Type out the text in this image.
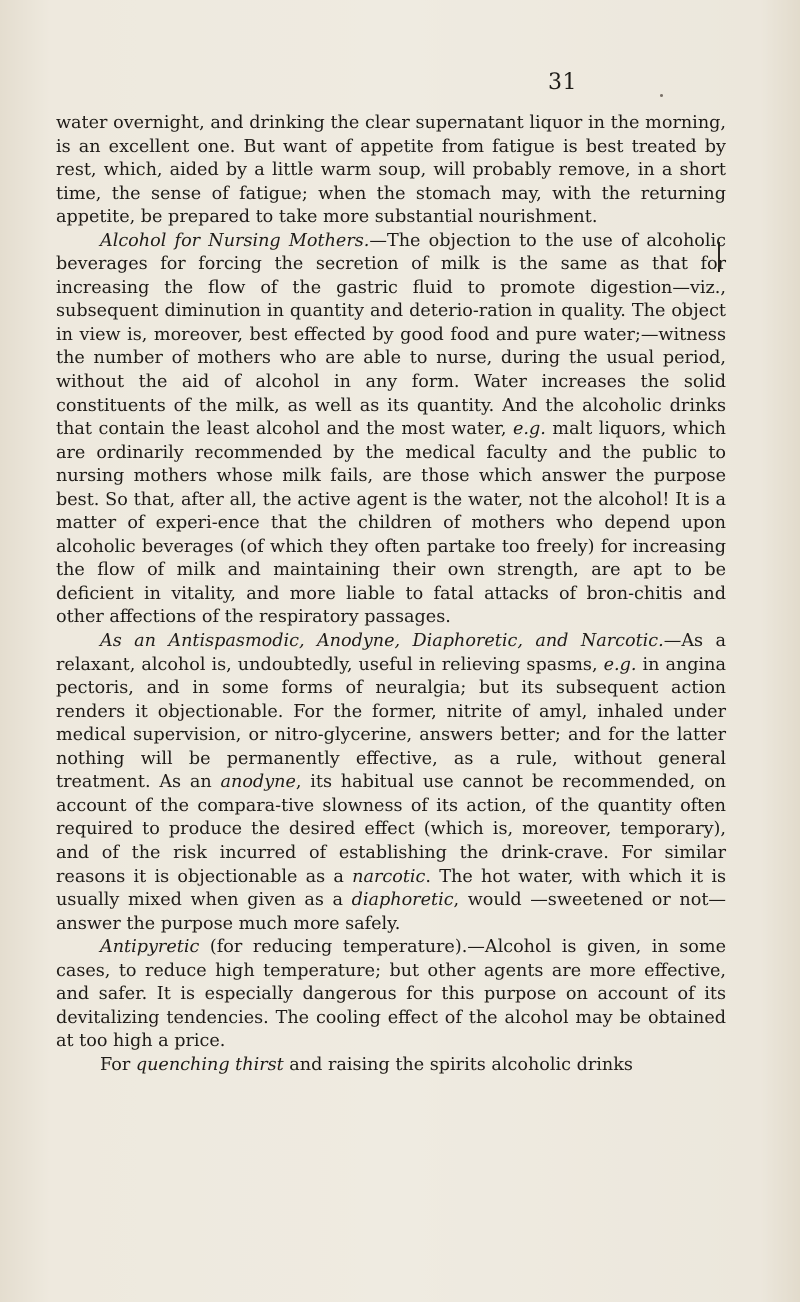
31

water overnight, and drinking the clear supernatant liquor in the morning, is an excellent one. But want of appetite from fatigue is best treated by rest, which, aided by a little warm soup, will probably remove, in a short time, the sense of fatigue; when the stomach may, with the returning appetite, be prepared to take more substantial nourishment.

Alcohol for Nursing Mothers.—The objection to the use of alcoholic beverages for forcing the secretion of milk is the same as that for increasing the flow of the gastric fluid to promote digestion—viz., subsequent diminution in quantity and deterio-ration in quality. The object in view is, moreover, best effected by good food and pure water;—witness the number of mothers who are able to nurse, during the usual period, without the aid of alcohol in any form. Water increases the solid constituents of the milk, as well as its quantity. And the alcoholic drinks that contain the least alcohol and the most water, e.g. malt liquors, which are ordinarily recommended by the medical faculty and the public to nursing mothers whose milk fails, are those which answer the purpose best. So that, after all, the active agent is the water, not the alcohol! It is a matter of experi-ence that the children of mothers who depend upon alcoholic beverages (of which they often partake too freely) for increasing the flow of milk and maintaining their own strength, are apt to be deficient in vitality, and more liable to fatal attacks of bron-chitis and other affections of the respiratory passages.

As an Antispasmodic, Anodyne, Diaphoretic, and Narcotic.—As a relaxant, alcohol is, undoubtedly, useful in relieving spasms, e.g. in angina pectoris, and in some forms of neuralgia; but its subsequent action renders it objectionable. For the former, nitrite of amyl, inhaled under medical supervision, or nitro-glycerine, answers better; and for the latter nothing will be permanently effective, as a rule, without general treatment. As an anodyne, its habitual use cannot be recommended, on account of the compara-tive slowness of its action, of the quantity often required to produce the desired effect (which is, moreover, temporary), and of the risk incurred of establishing the drink-crave. For similar reasons it is objectionable as a narcotic. The hot water, with which it is usually mixed when given as a diaphoretic, would —sweetened or not—answer the purpose much more safely.

Antipyretic (for reducing temperature).—Alcohol is given, in some cases, to reduce high temperature; but other agents are more effective, and safer. It is especially dangerous for this purpose on account of its devitalizing tendencies. The cooling effect of the alcohol may be obtained at too high a price.

For quenching thirst and raising the spirits alcoholic drinks
